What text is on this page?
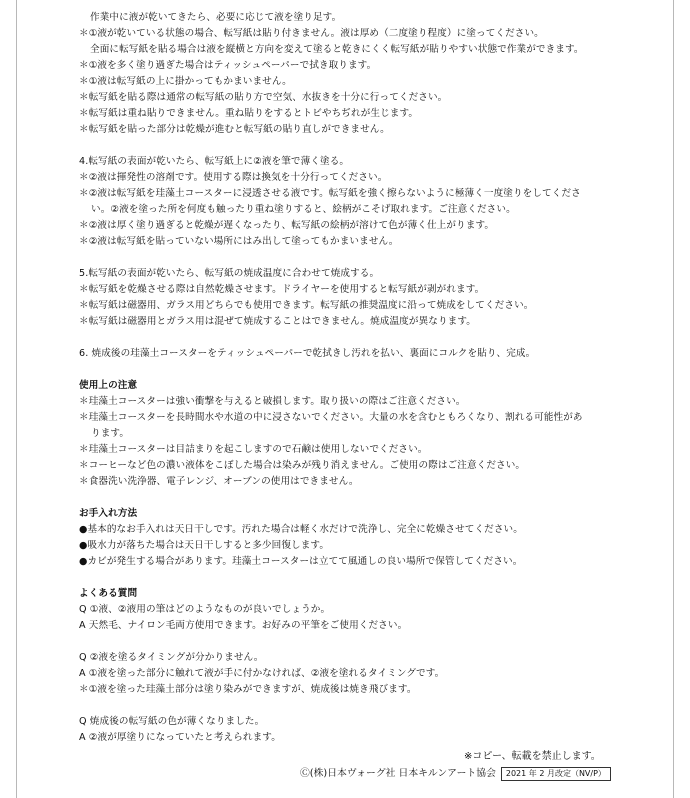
作業中に液が乾いてきたら、必要に応じて液を塗り足す。
＊①液が乾いている状態の場合、転写紙は貼り付きません。液は厚め（二度塗り程度）に塗ってください。
全面に転写紙を貼る場合は液を縦横と方向を変えて塗ると乾きにくく転写紙が貼りやすい状態で作業ができます。
＊①液を多く塗り過ぎた場合はティッシュペーパーで拭き取ります。
＊①液は転写紙の上に掛かってもかまいません。
＊転写紙を貼る際は通常の転写紙の貼り方で空気、水抜きを十分に行ってください。
＊転写紙は重ね貼りできません。重ね貼りをするとトビやちぢれが生じます。
＊転写紙を貼った部分は乾燥が進むと転写紙の貼り直しができません。
4.転写紙の表面が乾いたら、転写紙上に②液を筆で薄く塗る。
＊②液は揮発性の溶剤です。使用する際は換気を十分行ってください。
＊②液は転写紙を珪藻土コースターに浸透させる液です。転写紙を強く擦らないように極薄く一度塗りをしてくださ
い。②液を塗った所を何度も触ったり重ね塗りすると、絵柄がこそげ取れます。ご注意ください。
＊②液は厚く塗り過ぎると乾燥が遅くなったり、転写紙の絵柄が溶けて色が薄く仕上がります。
＊②液は転写紙を貼っていない場所にはみ出して塗ってもかまいません。
5.転写紙の表面が乾いたら、転写紙の焼成温度に合わせて焼成する。
＊転写紙を乾燥させる際は自然乾燥させます。ドライヤーを使用すると転写紙が剥がれます。
＊転写紙は磁器用、ガラス用どちらでも使用できます。転写紙の推奨温度に沿って焼成をしてください。
＊転写紙は磁器用とガラス用は混ぜて焼成することはできません。焼成温度が異なります。
6. 焼成後の珪藻土コースターをティッシュペーパーで乾拭きし汚れを払い、裏面にコルクを貼り、完成。
使用上の注意
＊珪藻土コースターは強い衝撃を与えると破損します。取り扱いの際はご注意ください。
＊珪藻土コースターを長時間水や水道の中に浸さないでください。大量の水を含むともろくなり、割れる可能性があ
ります。
＊珪藻土コースターは目詰まりを起こしますので石鹸は使用しないでください。
＊コーヒーなど色の濃い液体をこぼした場合は染みが残り消えません。ご使用の際はご注意ください。
＊食器洗い洗浄器、電子レンジ、オーブンの使用はできません。
お手入れ方法
●基本的なお手入れは天日干しです。汚れた場合は軽く水だけで洗浄し、完全に乾燥させてください。
●吸水力が落ちた場合は天日干しすると多少回復します。
●カビが発生する場合があります。珪藻土コースターは立てて風通しの良い場所で保管してください。
よくある質問
Q ①液、②液用の筆はどのようなものが良いでしょうか。
A 天然毛、ナイロン毛両方使用できます。お好みの平筆をご使用ください。
Q ②液を塗るタイミングが分かりません。
A ①液を塗った部分に触れて液が手に付かなければ、②液を塗れるタイミングです。
＊①液を塗った珪藻土部分は塗り染みができますが、焼成後は焼き飛びます。
Q 焼成後の転写紙の色が薄くなりました。
A ②液が厚塗りになっていたと考えられます。
※コピー、転載を禁止します。
Ⓒ(株)日本ヴォーグ社 日本キルンアート協会	2021 年 2 月改定（NV/P）
